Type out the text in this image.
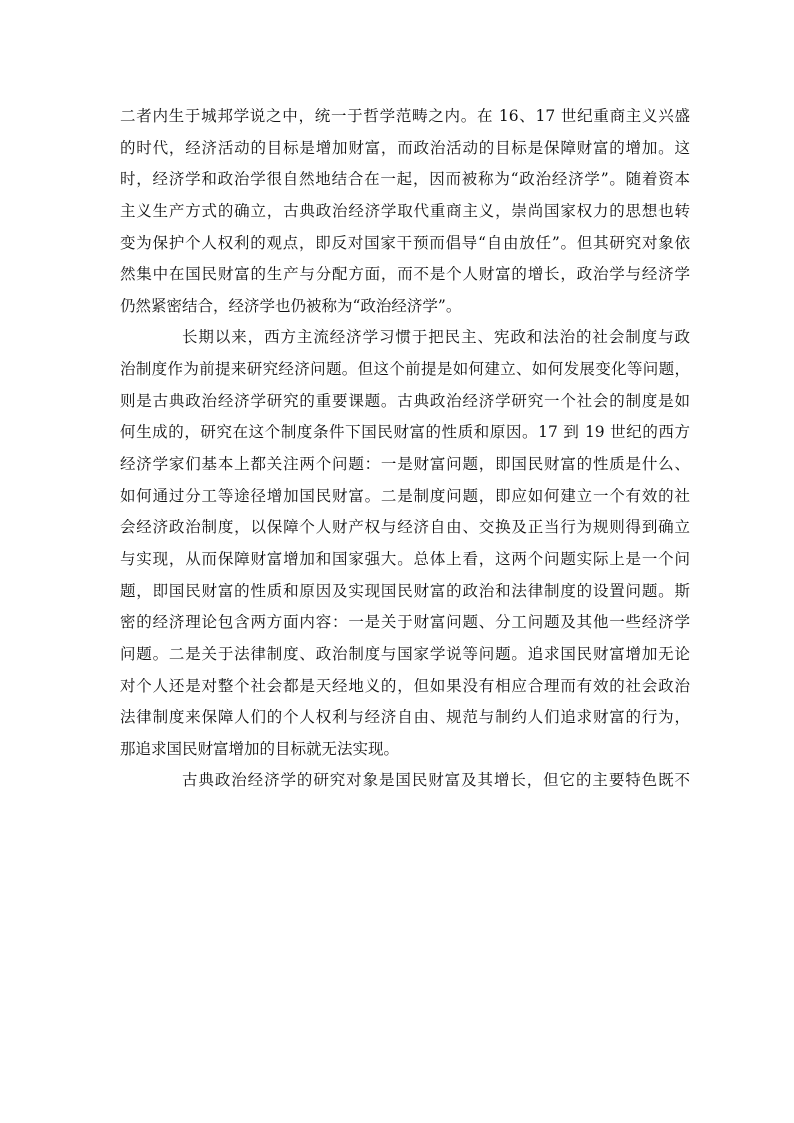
二者内生于城邦学说之中，统一于哲学范畴之内。在 16、17 世纪重商主义兴盛
的时代，经济活动的目标是增加财富，而政治活动的目标是保障财富的增加。这
时，经济学和政治学很自然地结合在一起，因而被称为“政治经济学”。随着资本
主义生产方式的确立，古典政治经济学取代重商主义，崇尚国家权力的思想也转
变为保护个人权利的观点，即反对国家干预而倡导“自由放任”。但其研究对象依
然集中在国民财富的生产与分配方面，而不是个人财富的增长，政治学与经济学
仍然紧密结合，经济学也仍被称为“政治经济学”。
长期以来，西方主流经济学习惯于把民主、宪政和法治的社会制度与政
治制度作为前提来研究经济问题。但这个前提是如何建立、如何发展变化等问题，
则是古典政治经济学研究的重要课题。古典政治经济学研究一个社会的制度是如
何生成的，研究在这个制度条件下国民财富的性质和原因。17 到 19 世纪的西方
经济学家们基本上都关注两个问题：一是财富问题，即国民财富的性质是什么、
如何通过分工等途径增加国民财富。二是制度问题，即应如何建立一个有效的社
会经济政治制度，以保障个人财产权与经济自由、交换及正当行为规则得到确立
与实现，从而保障财富增加和国家强大。总体上看，这两个问题实际上是一个问
题，即国民财富的性质和原因及实现国民财富的政治和法律制度的设置问题。斯
密的经济理论包含两方面内容：一是关于财富问题、分工问题及其他一些经济学
问题。二是关于法律制度、政治制度与国家学说等问题。追求国民财富增加无论
对个人还是对整个社会都是天经地义的，但如果没有相应合理而有效的社会政治
法律制度来保障人们的个人权利与经济自由、规范与制约人们追求财富的行为，
那追求国民财富增加的目标就无法实现。
古典政治经济学的研究对象是国民财富及其增长，但它的主要特色既不
